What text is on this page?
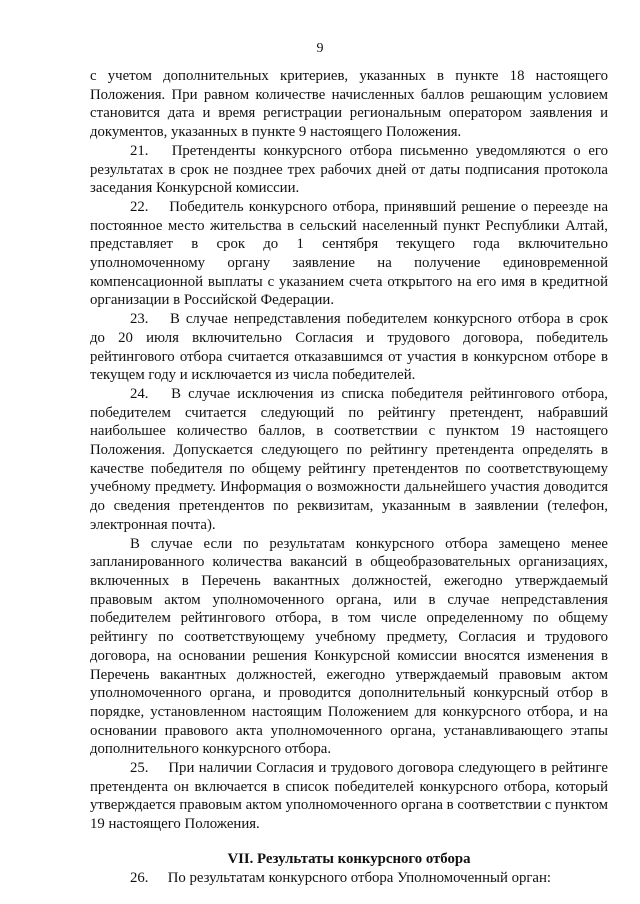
9

с учетом дополнительных критериев, указанных в пункте 18 настоящего Положения. При равном количестве начисленных баллов решающим условием становится дата и время регистрации региональным оператором заявления и документов, указанных в пункте 9 настоящего Положения.

21. Претенденты конкурсного отбора письменно уведомляются о его результатах в срок не позднее трех рабочих дней от даты подписания протокола заседания Конкурсной комиссии.

22. Победитель конкурсного отбора, принявший решение о переезде на постоянное место жительства в сельский населенный пункт Республики Алтай, представляет в срок до 1 сентября текущего года включительно уполномоченному органу заявление на получение единовременной компенсационной выплаты с указанием счета открытого на его имя в кредитной организации в Российской Федерации.

23. В случае непредставления победителем конкурсного отбора в срок до 20 июля включительно Согласия и трудового договора, победитель рейтингового отбора считается отказавшимся от участия в конкурсном отборе в текущем году и исключается из числа победителей.

24. В случае исключения из списка победителя рейтингового отбора, победителем считается следующий по рейтингу претендент, набравший наибольшее количество баллов, в соответствии с пунктом 19 настоящего Положения. Допускается следующего по рейтингу претендента определять в качестве победителя по общему рейтингу претендентов по соответствующему учебному предмету. Информация о возможности дальнейшего участия доводится до сведения претендентов по реквизитам, указанным в заявлении (телефон, электронная почта).

В случае если по результатам конкурсного отбора замещено менее запланированного количества вакансий в общеобразовательных организациях, включенных в Перечень вакантных должностей, ежегодно утверждаемый правовым актом уполномоченного органа, или в случае непредставления победителем рейтингового отбора, в том числе определенному по общему рейтингу по соответствующему учебному предмету, Согласия и трудового договора, на основании решения Конкурсной комиссии вносятся изменения в Перечень вакантных должностей, ежегодно утверждаемый правовым актом уполномоченного органа, и проводится дополнительный конкурсный отбор в порядке, установленном настоящим Положением для конкурсного отбора, и на основании правового акта уполномоченного органа, устанавливающего этапы дополнительного конкурсного отбора.

25. При наличии Согласия и трудового договора следующего в рейтинге претендента он включается в список победителей конкурсного отбора, который утверждается правовым актом уполномоченного органа в соответствии с пунктом 19 настоящего Положения.

VII. Результаты конкурсного отбора

26. По результатам конкурсного отбора Уполномоченный орган:
